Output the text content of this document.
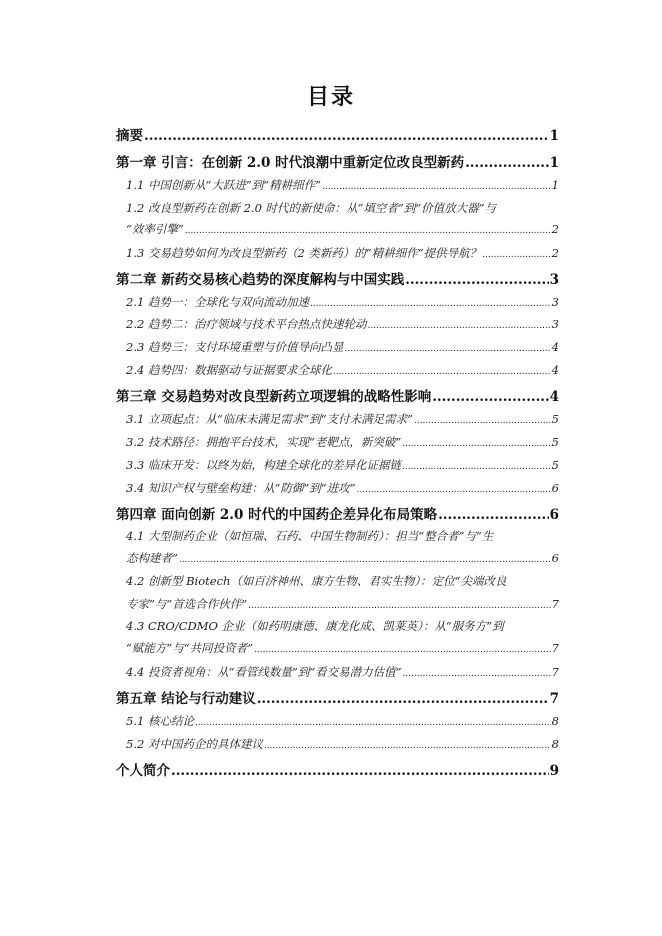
目录
摘要 .....	1
第一章 引言：在创新 2.0 时代浪潮中重新定位改良型新药 .....	1
1.1 中国创新从“大跃进”到“精耕细作” .....	1
1.2 改良型新药在创新 2.0 时代的新使命：从“填空者”到“价值放大器”与
“效率引擎” .....	2
1.3 交易趋势如何为改良型新药（2 类新药）的“精耕细作”提供导航？ .....	2
第二章 新药交易核心趋势的深度解构与中国实践 .....	3
2.1 趋势一：全球化与双向流动加速 .....	3
2.2 趋势二：治疗领域与技术平台热点快速轮动 .....	3
2.3 趋势三：支付环境重塑与价值导向凸显 .....	4
2.4 趋势四：数据驱动与证据要求全球化 .....	4
第三章 交易趋势对改良型新药立项逻辑的战略性影响 .....	4
3.1 立项起点：从“临床未满足需求”到“支付未满足需求” .....	5
3.2 技术路径：拥抱平台技术，实现“老靶点，新突破” .....	5
3.3 临床开发：以终为始，构建全球化的差异化证据链 .....	5
3.4 知识产权与壁垒构建：从“防御”到“进攻” .....	6
第四章 面向创新 2.0 时代的中国药企差异化布局策略 .....	6
4.1 大型制药企业（如恒瑞、石药、中国生物制药）：担当“整合者”与“生
态构建者” .....	6
4.2 创新型 Biotech（如百济神州、康方生物、君实生物）：定位“尖端改良
专家”与“首选合作伙伴” .....	7
4.3 CRO/CDMO 企业（如药明康德、康龙化成、凯莱英）：从“服务方”到
“赋能方”与“共同投资者” .....	7
4.4 投资者视角：从“看管线数量”到“看交易潜力估值” .....	7
第五章 结论与行动建议 .....	7
5.1 核心结论 .....	8
5.2 对中国药企的具体建议 .....	8
个人简介 .....	9
